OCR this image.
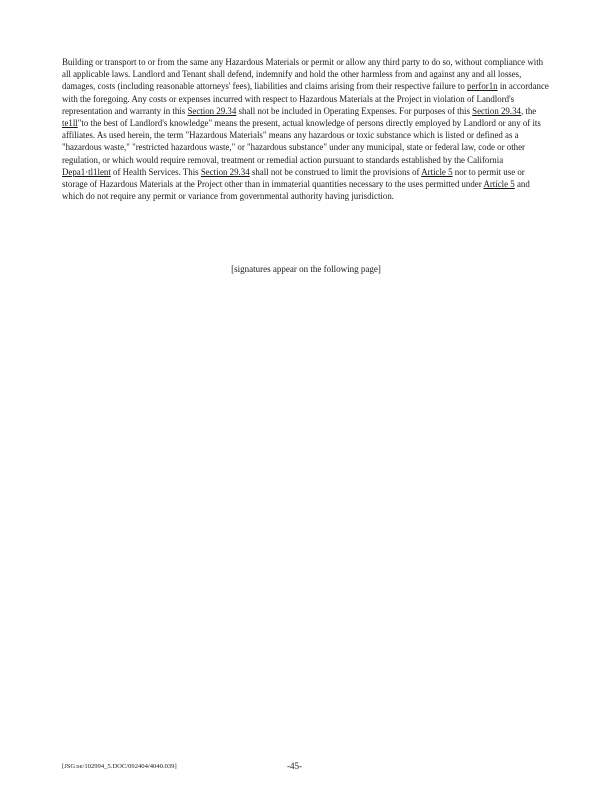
Building or transport to or from the same any Hazardous Materials or permit or allow any third party to do so, without compliance with all applicable laws. Landlord and Tenant shall defend, indemnify and hold the other harmless from and against any and all losses, damages, costs (including reasonable attorneys' fees), liabilities and claims arising from their respective failure to perfor1n in accordance with the foregoing. Any costs or expenses incurred with respect to Hazardous Materials at the Project in violation of Landlord's representation and warranty in this Section 29.34 shall not be included in Operating Expenses. For purposes of this Section 29.34, the te1ll"to the best of Landlord's knowledge" means the present, actual knowledge of persons directly employed by Landlord or any of its affiliates. As used herein, the term "Hazardous Materials" means any hazardous or toxic substance which is listed or defined as a "hazardous waste," "restricted hazardous waste," or "hazardous substance" under any municipal, state or federal law, code or other regulation, or which would require removal, treatment or remedial action pursuant to standards established by the California Depa1·tl1lent of Health Services. This Section 29.34 shall not be construed to limit the provisions of Article 5 nor to permit use or storage of Hazardous Materials at the Project other than in immaterial quantities necessary to the uses permitted under Article 5 and which do not require any permit or variance from governmental authority having jurisdiction.

[signatures appear on the following page]

[JSG:se/102994_5.DOC/092404/4040.039]	-45-
